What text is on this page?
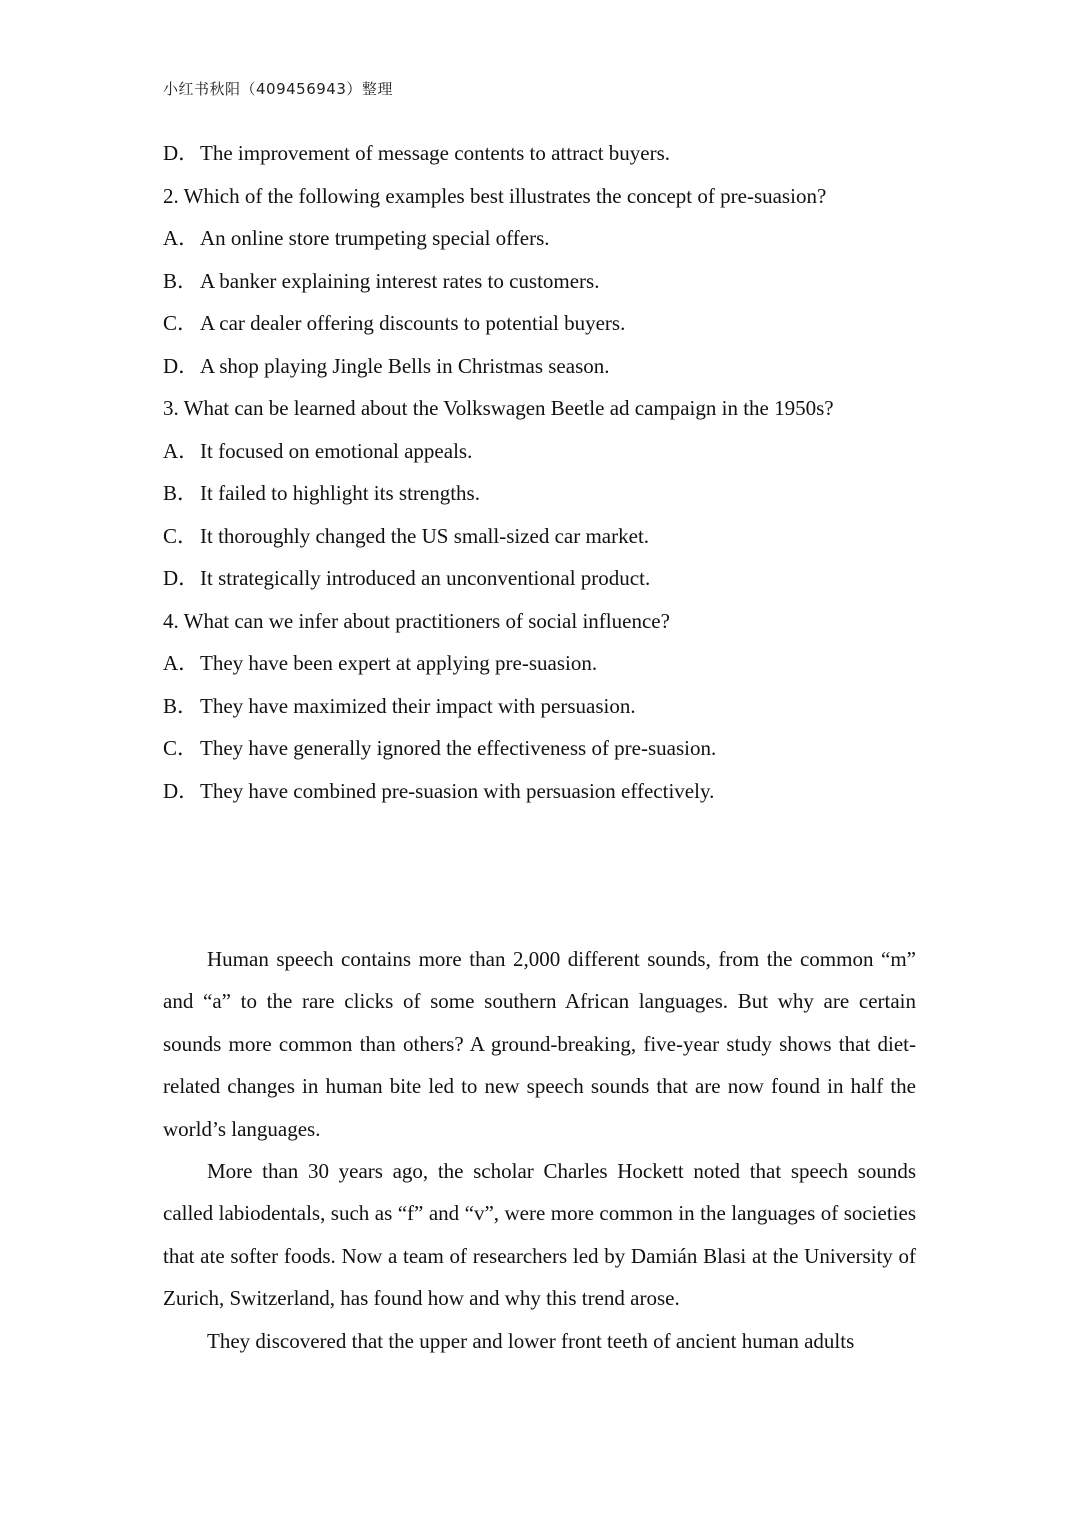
小红书秋阳（409456943）整理
D．The improvement of message contents to attract buyers.
2. Which of the following examples best illustrates the concept of pre-suasion?
A．An online store trumpeting special offers.
B．A banker explaining interest rates to customers.
C．A car dealer offering discounts to potential buyers.
D．A shop playing Jingle Bells in Christmas season.
3. What can be learned about the Volkswagen Beetle ad campaign in the 1950s?
A．It focused on emotional appeals.
B．It failed to highlight its strengths.
C．It thoroughly changed the US small-sized car market.
D．It strategically introduced an unconventional product.
4. What can we infer about practitioners of social influence?
A．They have been expert at applying pre-suasion.
B．They have maximized their impact with persuasion.
C．They have generally ignored the effectiveness of pre-suasion.
D．They have combined pre-suasion with persuasion effectively.

Human speech contains more than 2,000 different sounds, from the common “m” and “a” to the rare clicks of some southern African languages. But why are certain sounds more common than others? A ground-breaking, five-year study shows that diet-related changes in human bite led to new speech sounds that are now found in half the world’s languages.

More than 30 years ago, the scholar Charles Hockett noted that speech sounds called labiodentals, such as “f” and “v”, were more common in the languages of societies that ate softer foods. Now a team of researchers led by Damián Blasi at the University of Zurich, Switzerland, has found how and why this trend arose.

They discovered that the upper and lower front teeth of ancient human adults
